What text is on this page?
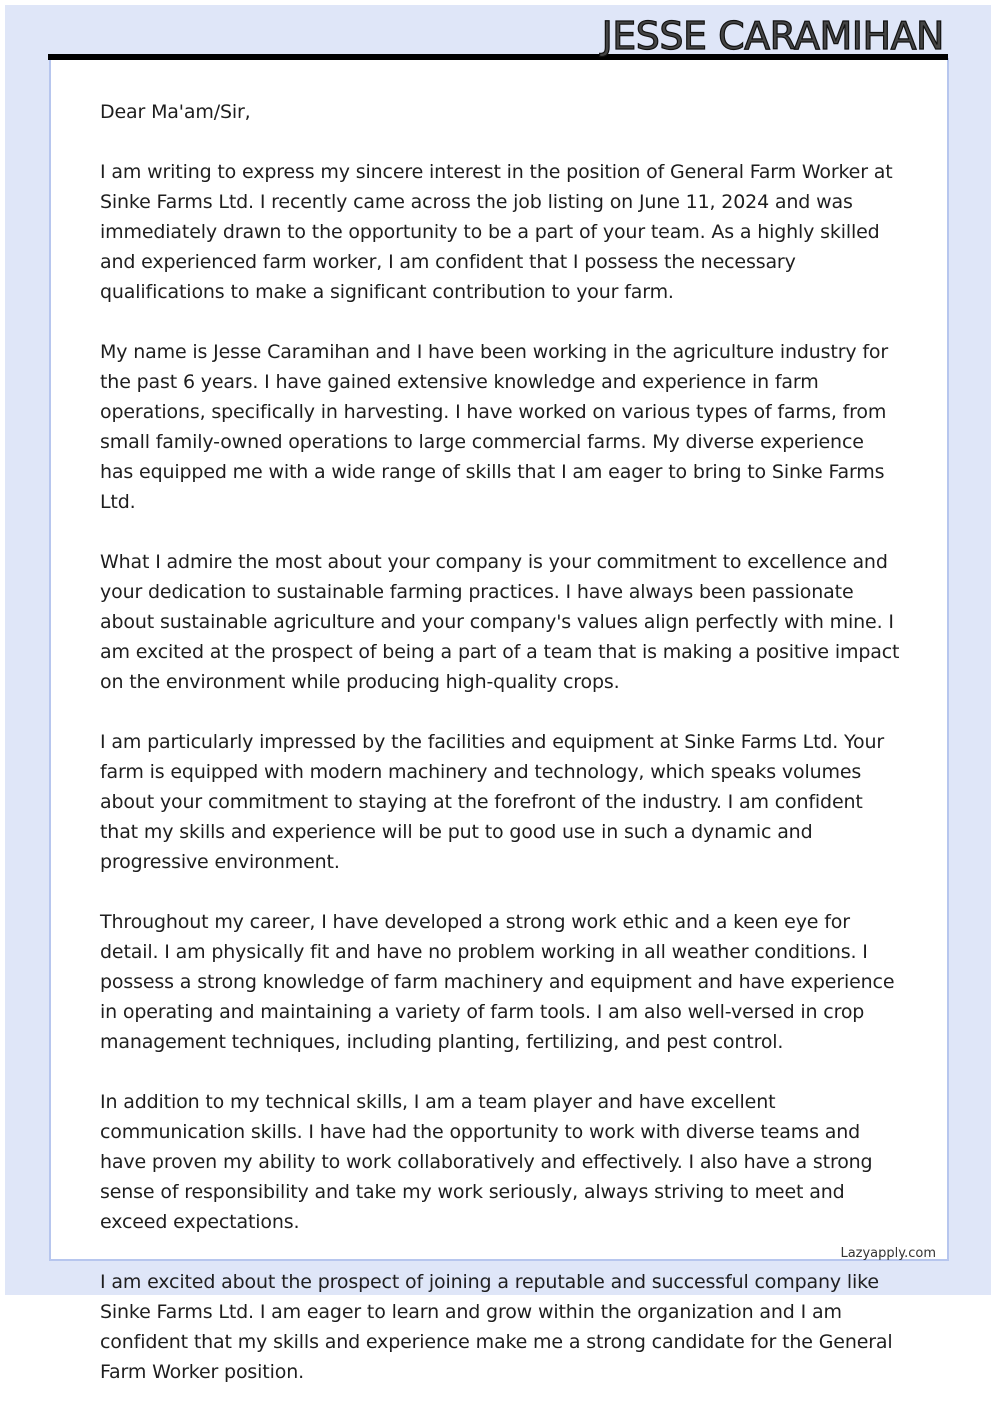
JESSE CARAMIHAN

Dear Ma'am/Sir,

I am writing to express my sincere interest in the position of General Farm Worker at Sinke Farms Ltd. I recently came across the job listing on June 11, 2024 and was immediately drawn to the opportunity to be a part of your team. As a highly skilled and experienced farm worker, I am confident that I possess the necessary qualifications to make a significant contribution to your farm.

My name is Jesse Caramihan and I have been working in the agriculture industry for the past 6 years. I have gained extensive knowledge and experience in farm operations, specifically in harvesting. I have worked on various types of farms, from small family-owned operations to large commercial farms. My diverse experience has equipped me with a wide range of skills that I am eager to bring to Sinke Farms Ltd.

What I admire the most about your company is your commitment to excellence and your dedication to sustainable farming practices. I have always been passionate about sustainable agriculture and your company's values align perfectly with mine. I am excited at the prospect of being a part of a team that is making a positive impact on the environment while producing high-quality crops.

I am particularly impressed by the facilities and equipment at Sinke Farms Ltd. Your farm is equipped with modern machinery and technology, which speaks volumes about your commitment to staying at the forefront of the industry. I am confident that my skills and experience will be put to good use in such a dynamic and progressive environment.

Throughout my career, I have developed a strong work ethic and a keen eye for detail. I am physically fit and have no problem working in all weather conditions. I possess a strong knowledge of farm machinery and equipment and have experience in operating and maintaining a variety of farm tools. I am also well-versed in crop management techniques, including planting, fertilizing, and pest control.

In addition to my technical skills, I am a team player and have excellent communication skills. I have had the opportunity to work with diverse teams and have proven my ability to work collaboratively and effectively. I also have a strong sense of responsibility and take my work seriously, always striving to meet and exceed expectations.

I am excited about the prospect of joining a reputable and successful company like Sinke Farms Ltd. I am eager to learn and grow within the organization and I am confident that my skills and experience make me a strong candidate for the General Farm Worker position.

Lazyapply.com
